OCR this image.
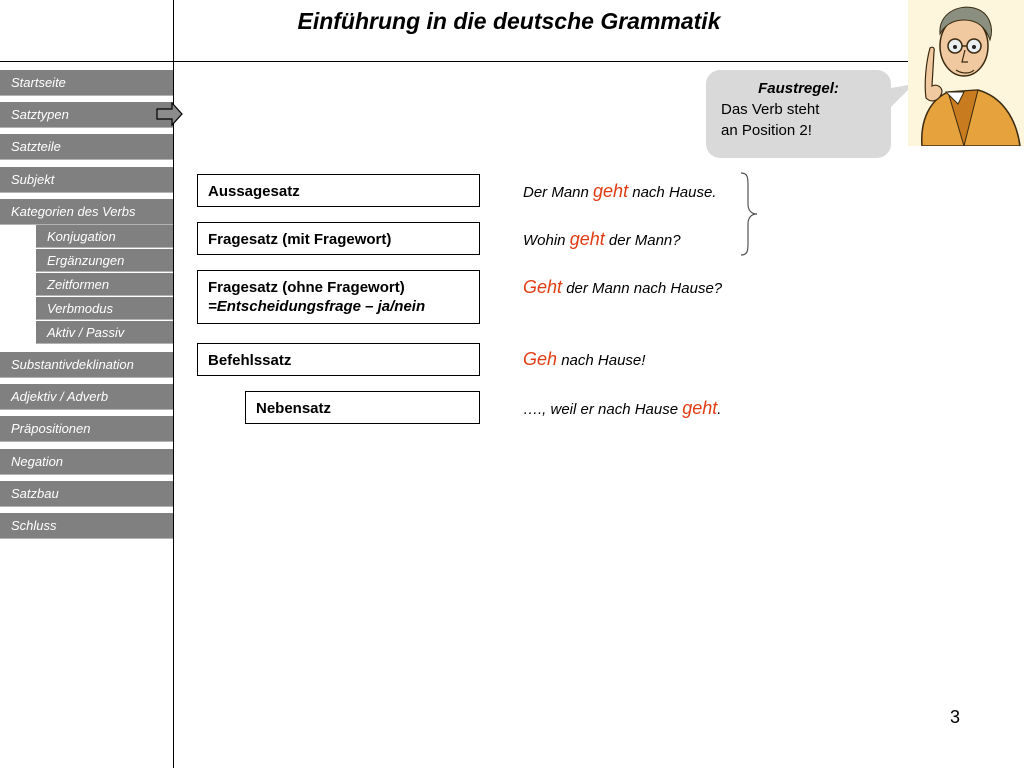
Einführung in die deutsche Grammatik
Startseite
Satztypen
Satzteile
Subjekt
Kategorien des Verbs
Konjugation
Ergänzungen
Zeitformen
Verbmodus
Aktiv / Passiv
Substantivdeklination
Adjektiv / Adverb
Präpositionen
Negation
Satzbau
Schluss
Faustregel:
Das Verb steht
an Position 2!
Aussagesatz
Fragesatz (mit Fragewort)
Fragesatz (ohne Fragewort)
=Entscheidungsfrage – ja/nein
Befehlssatz
Nebensatz
Der Mann geht nach Hause.
Wohin geht der Mann?
Geht der Mann nach Hause?
Geh nach Hause!
…., weil er nach Hause geht.
3
